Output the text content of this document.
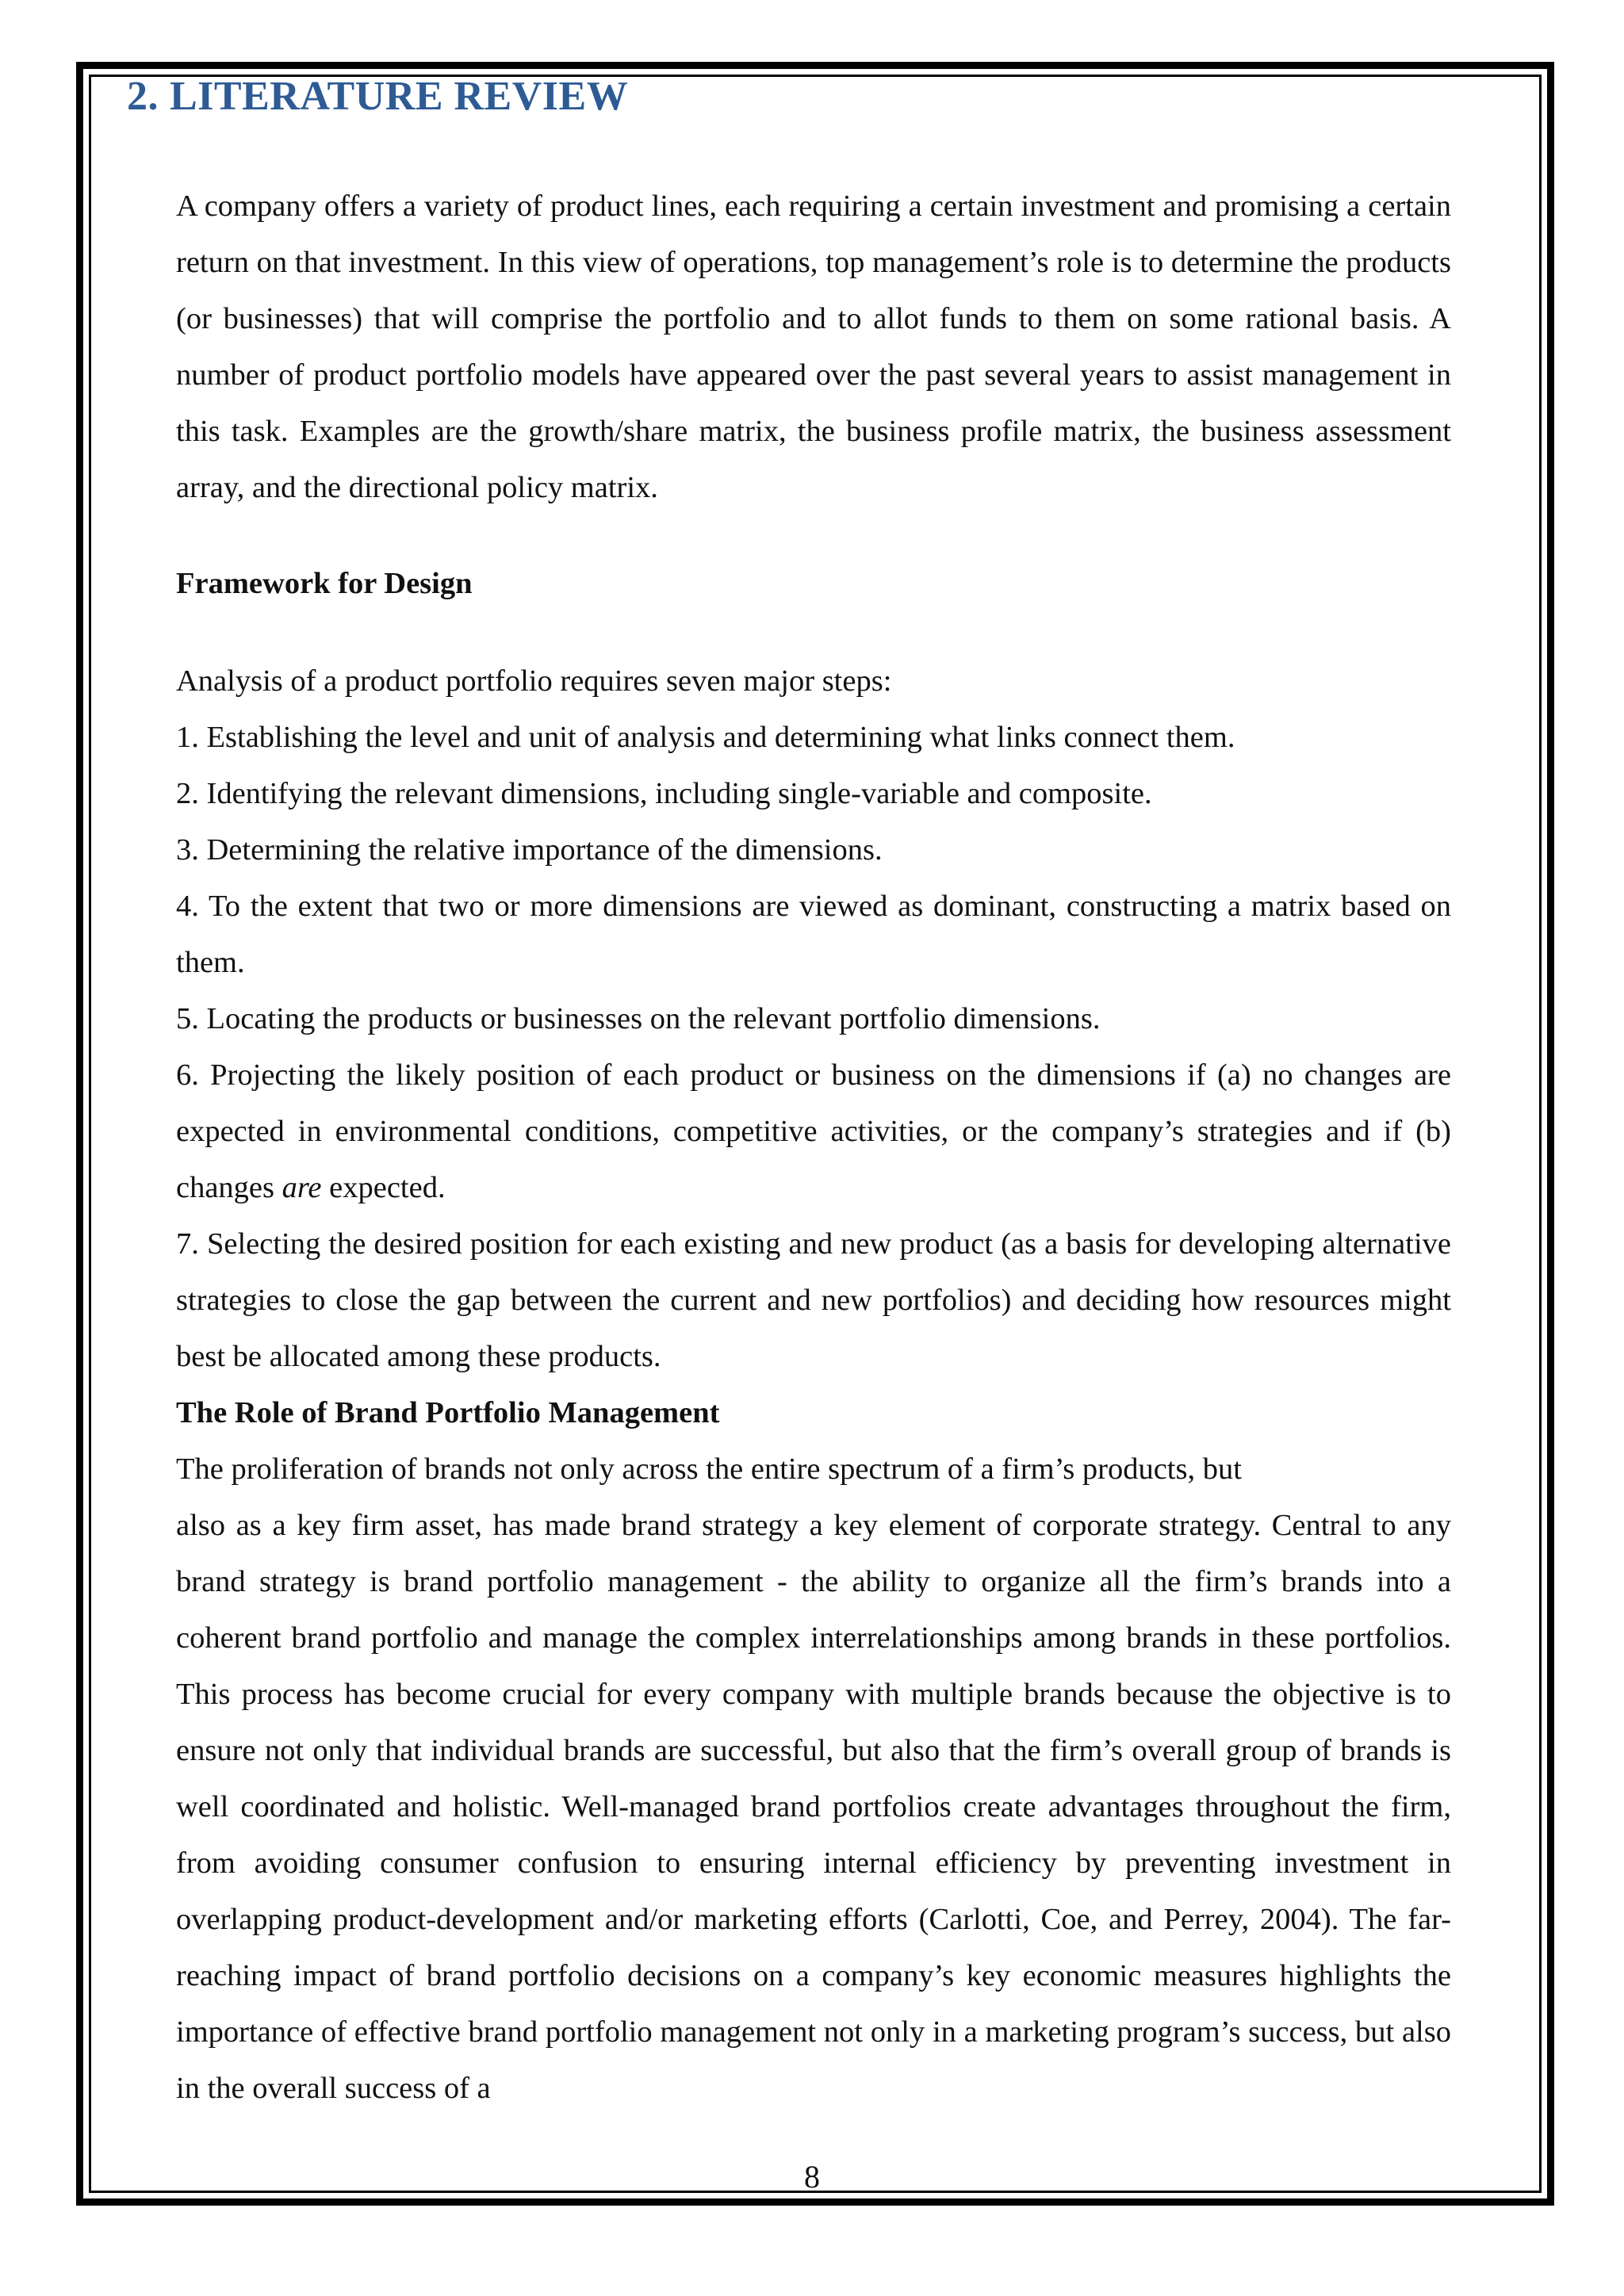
2. LITERATURE REVIEW

A company offers a variety of product lines, each requiring a certain investment and promising a certain return on that investment. In this view of operations, top management’s role is to determine the products (or businesses) that will comprise the portfolio and to allot funds to them on some rational basis. A number of product portfolio models have appeared over the past several years to assist management in this task. Examples are the growth/share matrix, the business profile matrix, the business assessment array, and the directional policy matrix.

Framework for Design

Analysis of a product portfolio requires seven major steps:

1. Establishing the level and unit of analysis and determining what links connect them.

2. Identifying the relevant dimensions, including single-variable and composite.

3. Determining the relative importance of the dimensions.

4. To the extent that two or more dimensions are viewed as dominant, constructing a matrix based on them.

5. Locating the products or businesses on the relevant portfolio dimensions.

6. Projecting the likely position of each product or business on the dimensions if (a) no changes are expected in environmental conditions, competitive activities, or the company’s strategies and if (b) changes are expected.

7. Selecting the desired position for each existing and new product (as a basis for developing alternative strategies to close the gap between the current and new portfolios) and deciding how resources might best be allocated among these products.

The Role of Brand Portfolio Management

The proliferation of brands not only across the entire spectrum of a firm’s products, but

also as a key firm asset, has made brand strategy a key element of corporate strategy. Central to any brand strategy is brand portfolio management - the ability to organize all the firm’s brands into a coherent brand portfolio and manage the complex interrelationships among brands in these portfolios. This process has become crucial for every company with multiple brands because the objective is to ensure not only that individual brands are successful, but also that the firm’s overall group of brands is well coordinated and holistic. Well-managed brand portfolios create advantages throughout the firm, from avoiding consumer confusion to ensuring internal efficiency by preventing investment in overlapping product-development and/or marketing efforts (Carlotti, Coe, and Perrey, 2004). The far-reaching impact of brand portfolio decisions on a company’s key economic measures highlights the importance of effective brand portfolio management not only in a marketing program’s success, but also in the overall success of a

8
